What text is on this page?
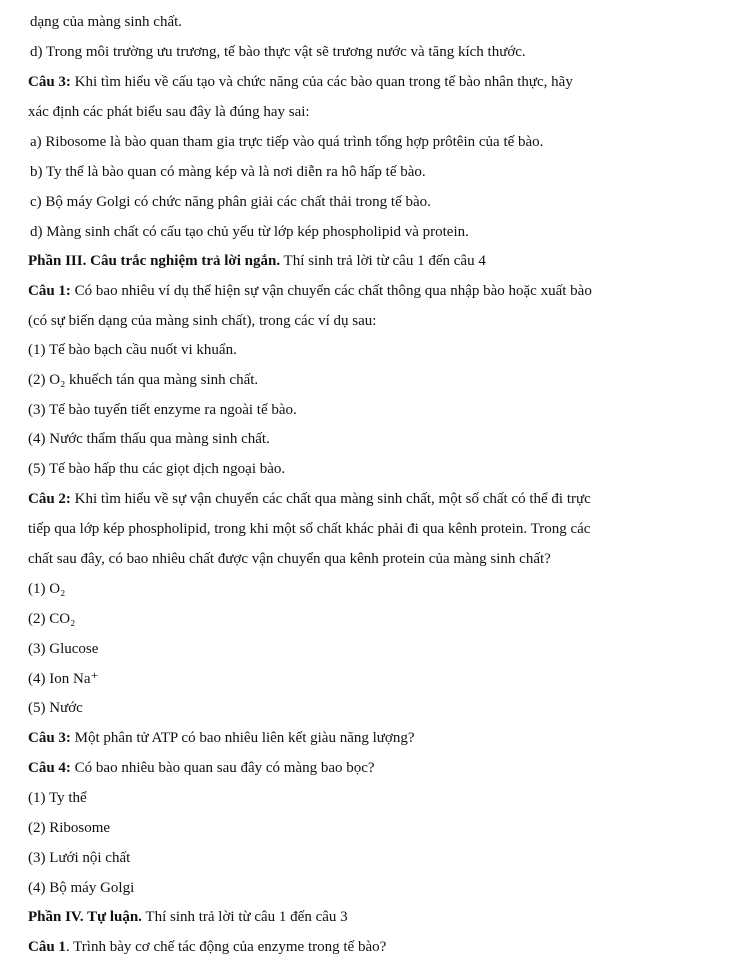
dạng của màng sinh chất.
d) Trong môi trường ưu trương, tế bào thực vật sẽ trương nước và tăng kích thước.
Câu 3: Khi tìm hiểu về cấu tạo và chức năng của các bào quan trong tế bào nhân thực, hãy
xác định các phát biểu sau đây là đúng hay sai:
a) Ribosome là bào quan tham gia trực tiếp vào quá trình tổng hợp prôtêin của tế bào.
b) Ty thể là bào quan có màng kép và là nơi diễn ra hô hấp tế bào.
c) Bộ máy Golgi có chức năng phân giải các chất thải trong tế bào.
d) Màng sinh chất có cấu tạo chủ yếu từ lớp kép phospholipid và protein.
Phần III. Câu trắc nghiệm trả lời ngắn. Thí sinh trả lời từ câu 1 đến câu 4
Câu 1: Có bao nhiêu ví dụ thể hiện sự vận chuyển các chất thông qua nhập bào hoặc xuất bào
(có sự biến dạng của màng sinh chất), trong các ví dụ sau:
(1) Tế bào bạch cầu nuốt vi khuẩn.
(2) O₂ khuếch tán qua màng sinh chất.
(3) Tế bào tuyến tiết enzyme ra ngoài tế bào.
(4) Nước thẩm thấu qua màng sinh chất.
(5) Tế bào hấp thu các giọt dịch ngoại bào.
Câu 2: Khi tìm hiểu về sự vận chuyển các chất qua màng sinh chất, một số chất có thể đi trực
tiếp qua lớp kép phospholipid, trong khi một số chất khác phải đi qua kênh protein. Trong các
chất sau đây, có bao nhiêu chất được vận chuyển qua kênh protein của màng sinh chất?
(1) O₂
(2) CO₂
(3) Glucose
(4) Ion Na⁺
(5) Nước
Câu 3: Một phân tử ATP có bao nhiêu liên kết giàu năng lượng?
Câu 4: Có bao nhiêu bào quan sau đây có màng bao bọc?
(1) Ty thể
(2) Ribosome
(3) Lưới nội chất
(4) Bộ máy Golgi
Phần IV. Tự luận. Thí sinh trả lời từ câu 1 đến câu 3
Câu 1. Trình bày cơ chế tác động của enzyme trong tế bào?
